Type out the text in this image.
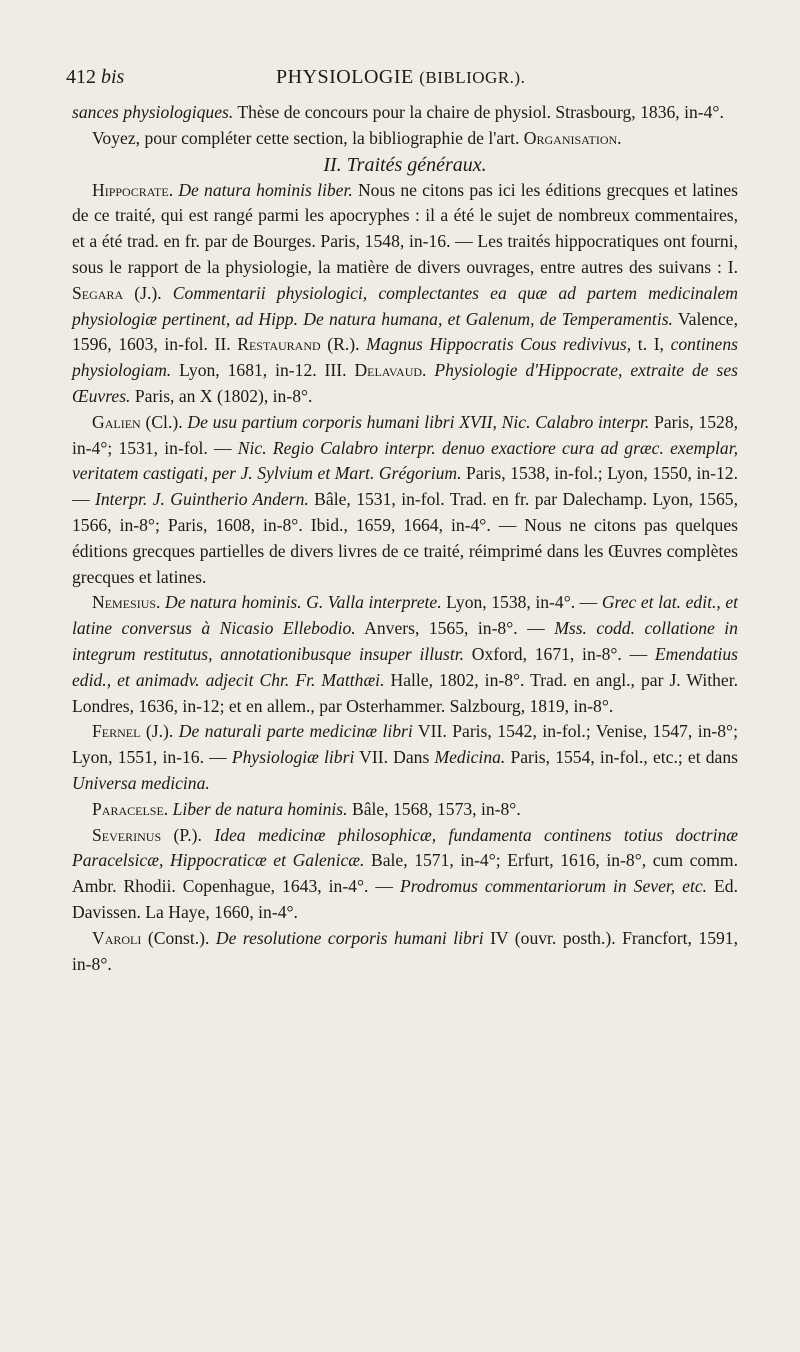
412 bis	PHYSIOLOGIE (BIBLIOGR.).

sances physiologiques. Thèse de concours pour la chaire de physiol. Strasbourg, 1836, in-4°.

Voyez, pour compléter cette section, la bibliographie de l'art. Organisation.

II. Traités généraux.

Hippocrate. De natura hominis liber. Nous ne citons pas ici les éditions grecques et latines de ce traité, qui est rangé parmi les apocryphes : il a été le sujet de nombreux commentaires, et a été trad. en fr. par de Bourges. Paris, 1548, in-16. — Les traités hippocratiques ont fourni, sous le rapport de la physiologie, la matière de divers ouvrages, entre autres des suivans : I. Segara (J.). Commentarii physiologici, complectantes ea quæ ad partem medicinalem physiologiæ pertinent, ad Hipp. De natura humana, et Galenum, de Temperamentis. Valence, 1596, 1603, in-fol. II. Restaurand (R.). Magnus Hippocratis Cous redivivus, t. I, continens physiologiam. Lyon, 1681, in-12. III. Delavaud. Physiologie d'Hippocrate, extraite de ses Œuvres. Paris, an X (1802), in-8°.

Galien (Cl.). De usu partium corporis humani libri XVII, Nic. Calabro interpr. Paris, 1528, in-4°; 1531, in-fol. — Nic. Regio Calabro interpr. denuo exactiore cura ad græc. exemplar, veritatem castigati, per J. Sylvium et Mart. Grégorium. Paris, 1538, in-fol.; Lyon, 1550, in-12. — Interpr. J. Guintherio Andern. Bâle, 1531, in-fol. Trad. en fr. par Dalechamp. Lyon, 1565, 1566, in-8°; Paris, 1608, in-8°. Ibid., 1659, 1664, in-4°. — Nous ne citons pas quelques éditions grecques partielles de divers livres de ce traité, réimprimé dans les Œuvres complètes grecques et latines.

Nemesius. De natura hominis. G. Valla interprete. Lyon, 1538, in-4°. — Grec et lat. edit., et latine conversus à Nicasio Ellebodio. Anvers, 1565, in-8°. — Mss. codd. collatione in integrum restitutus, annotationibusque insuper illustr. Oxford, 1671, in-8°. — Emendatius edid., et animadv. adjecit Chr. Fr. Matthæi. Halle, 1802, in-8°. Trad. en angl., par J. Wither. Londres, 1636, in-12; et en allem., par Osterhammer. Salzbourg, 1819, in-8°.

Fernel (J.). De naturali parte medicinæ libri VII. Paris, 1542, in-fol.; Venise, 1547, in-8°; Lyon, 1551, in-16. — Physiologiæ libri VII. Dans Medicina. Paris, 1554, in-fol., etc.; et dans Universa medicina.

Paracelse. Liber de natura hominis. Bâle, 1568, 1573, in-8°.

Severinus (P.). Idea medicinæ philosophicæ, fundamenta continens totius doctrinæ Paracelsicæ, Hippocraticæ et Galenicæ. Bale, 1571, in-4°; Erfurt, 1616, in-8°, cum comm. Ambr. Rhodii. Copenhague, 1643, in-4°. — Prodromus commentariorum in Sever, etc. Ed. Davissen. La Haye, 1660, in-4°.

Varoli (Const.). De resolutione corporis humani libri IV (ouvr. posth.). Francfort, 1591, in-8°.
